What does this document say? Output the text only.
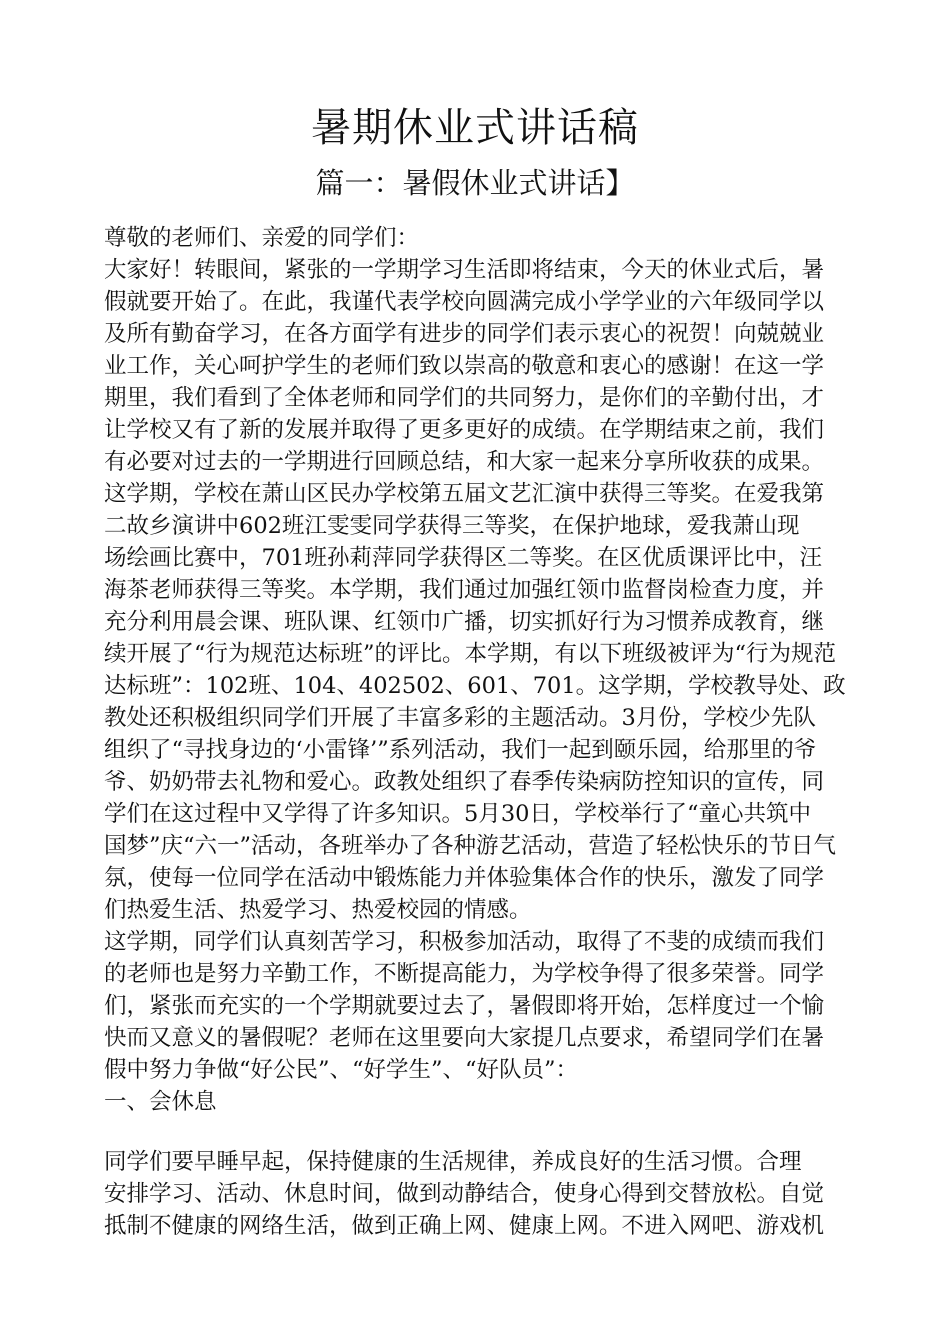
暑期休业式讲话稿
篇一：暑假休业式讲话】
尊敬的老师们、亲爱的同学们：
大家好！转眼间，紧张的一学期学习生活即将结束，今天的休业式后，暑
假就要开始了。在此，我谨代表学校向圆满完成小学学业的六年级同学以
及所有勤奋学习，在各方面学有进步的同学们表示衷心的祝贺！向兢兢业
业工作，关心呵护学生的老师们致以崇高的敬意和衷心的感谢！在这一学
期里，我们看到了全体老师和同学们的共同努力，是你们的辛勤付出，才
让学校又有了新的发展并取得了更多更好的成绩。在学期结束之前，我们
有必要对过去的一学期进行回顾总结，和大家一起来分享所收获的成果。
这学期，学校在萧山区民办学校第五届文艺汇演中获得三等奖。在爱我第
二故乡演讲中602班江雯雯同学获得三等奖，在保护地球，爱我萧山现
场绘画比赛中，701班孙莉萍同学获得区二等奖。在区优质课评比中，汪
海茶老师获得三等奖。本学期，我们通过加强红领巾监督岗检查力度，并
充分利用晨会课、班队课、红领巾广播，切实抓好行为习惯养成教育，继
续开展了“行为规范达标班”的评比。本学期，有以下班级被评为“行为规范
达标班”：102班、104、402502、601、701。这学期，学校教导处、政
教处还积极组织同学们开展了丰富多彩的主题活动。3月份，学校少先队
组织了“寻找身边的‘小雷锋’”系列活动，我们一起到颐乐园，给那里的爷
爷、奶奶带去礼物和爱心。政教处组织了春季传染病防控知识的宣传，同
学们在这过程中又学得了许多知识。5月30日，学校举行了“童心共筑中
国梦”庆“六一”活动，各班举办了各种游艺活动，营造了轻松快乐的节日气
氛，使每一位同学在活动中锻炼能力并体验集体合作的快乐，激发了同学
们热爱生活、热爱学习、热爱校园的情感。
这学期，同学们认真刻苦学习，积极参加活动，取得了不斐的成绩而我们
的老师也是努力辛勤工作，不断提高能力，为学校争得了很多荣誉。同学
们，紧张而充实的一个学期就要过去了，暑假即将开始，怎样度过一个愉
快而又意义的暑假呢？老师在这里要向大家提几点要求，希望同学们在暑
假中努力争做“好公民”、“好学生”、“好队员”：
一、会休息
同学们要早睡早起，保持健康的生活规律，养成良好的生活习惯。合理
安排学习、活动、休息时间，做到动静结合，使身心得到交替放松。自觉
抵制不健康的网络生活，做到正确上网、健康上网。不进入网吧、游戏机
